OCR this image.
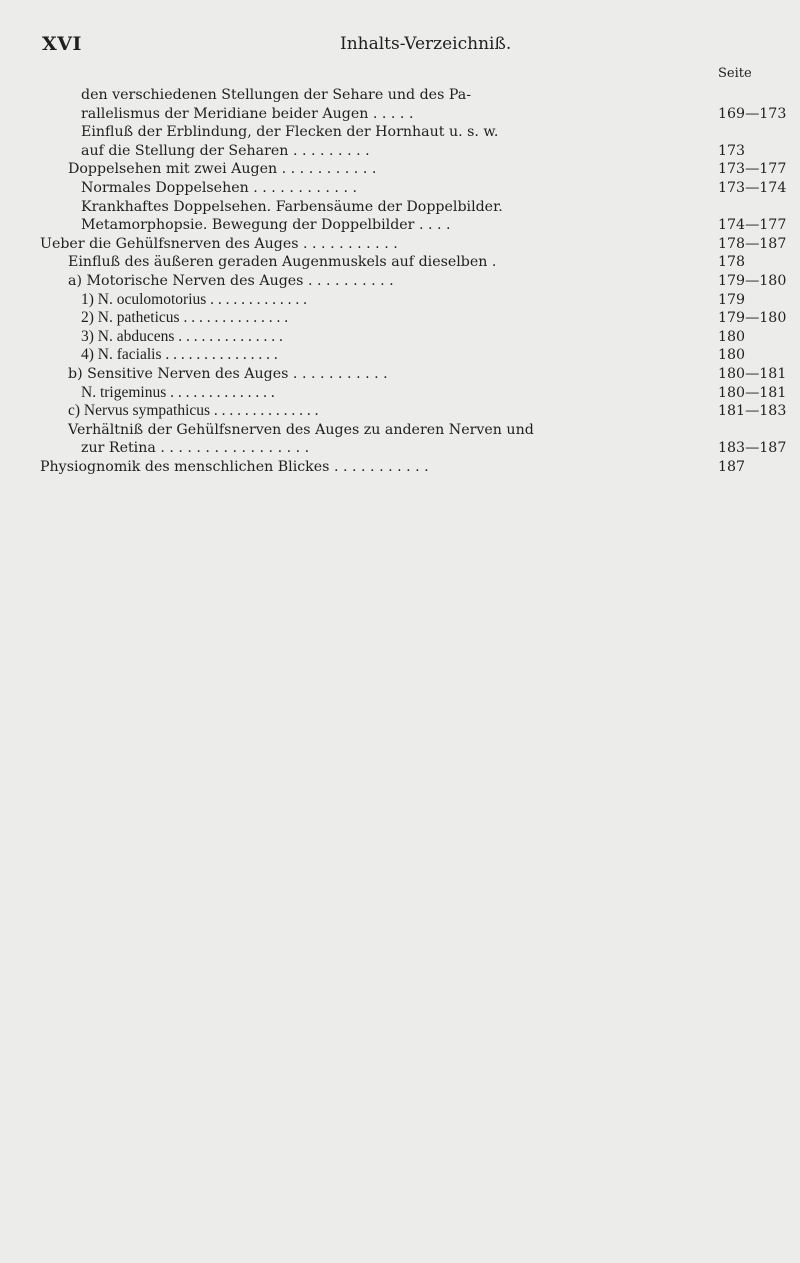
XVI	Inhalts-Verzeichniß.
Seite
den verschiedenen Stellungen der Sehare und des Pa-
rallelismus der Meridiane beider Augen . . . . .	169—173
Einfluß der Erblindung, der Flecken der Hornhaut u. s. w.
auf die Stellung der Seharen . . . . . . . . .	173
Doppelsehen mit zwei Augen . . . . . . . . . . .	173—177
Normales Doppelsehen . . . . . . . . . . . .	173—174
Krankhaftes Doppelsehen. Farbensäume der Doppelbilder.
Metamorphopsie. Bewegung der Doppelbilder . . . .	174—177
Ueber die Gehülfsnerven des Auges . . . . . . . . . . .	178—187
Einfluß des äußeren geraden Augenmuskels auf dieselben .	178
a) Motorische Nerven des Auges . . . . . . . . . .	179—180
1) N. oculomotorius . . . . . . . . . . . . .	179
2) N. patheticus . . . . . . . . . . . . . .	179—180
3) N. abducens . . . . . . . . . . . . . .	180
4) N. facialis . . . . . . . . . . . . . . .	180
b) Sensitive Nerven des Auges . . . . . . . . . . .	180—181
N. trigeminus . . . . . . . . . . . . . .	180—181
c) Nervus sympathicus . . . . . . . . . . . . . .	181—183
Verhältniß der Gehülfsnerven des Auges zu anderen Nerven und
zur Retina . . . . . . . . . . . . . . . . .	183—187
Physiognomik des menschlichen Blickes . . . . . . . . . . .	187
